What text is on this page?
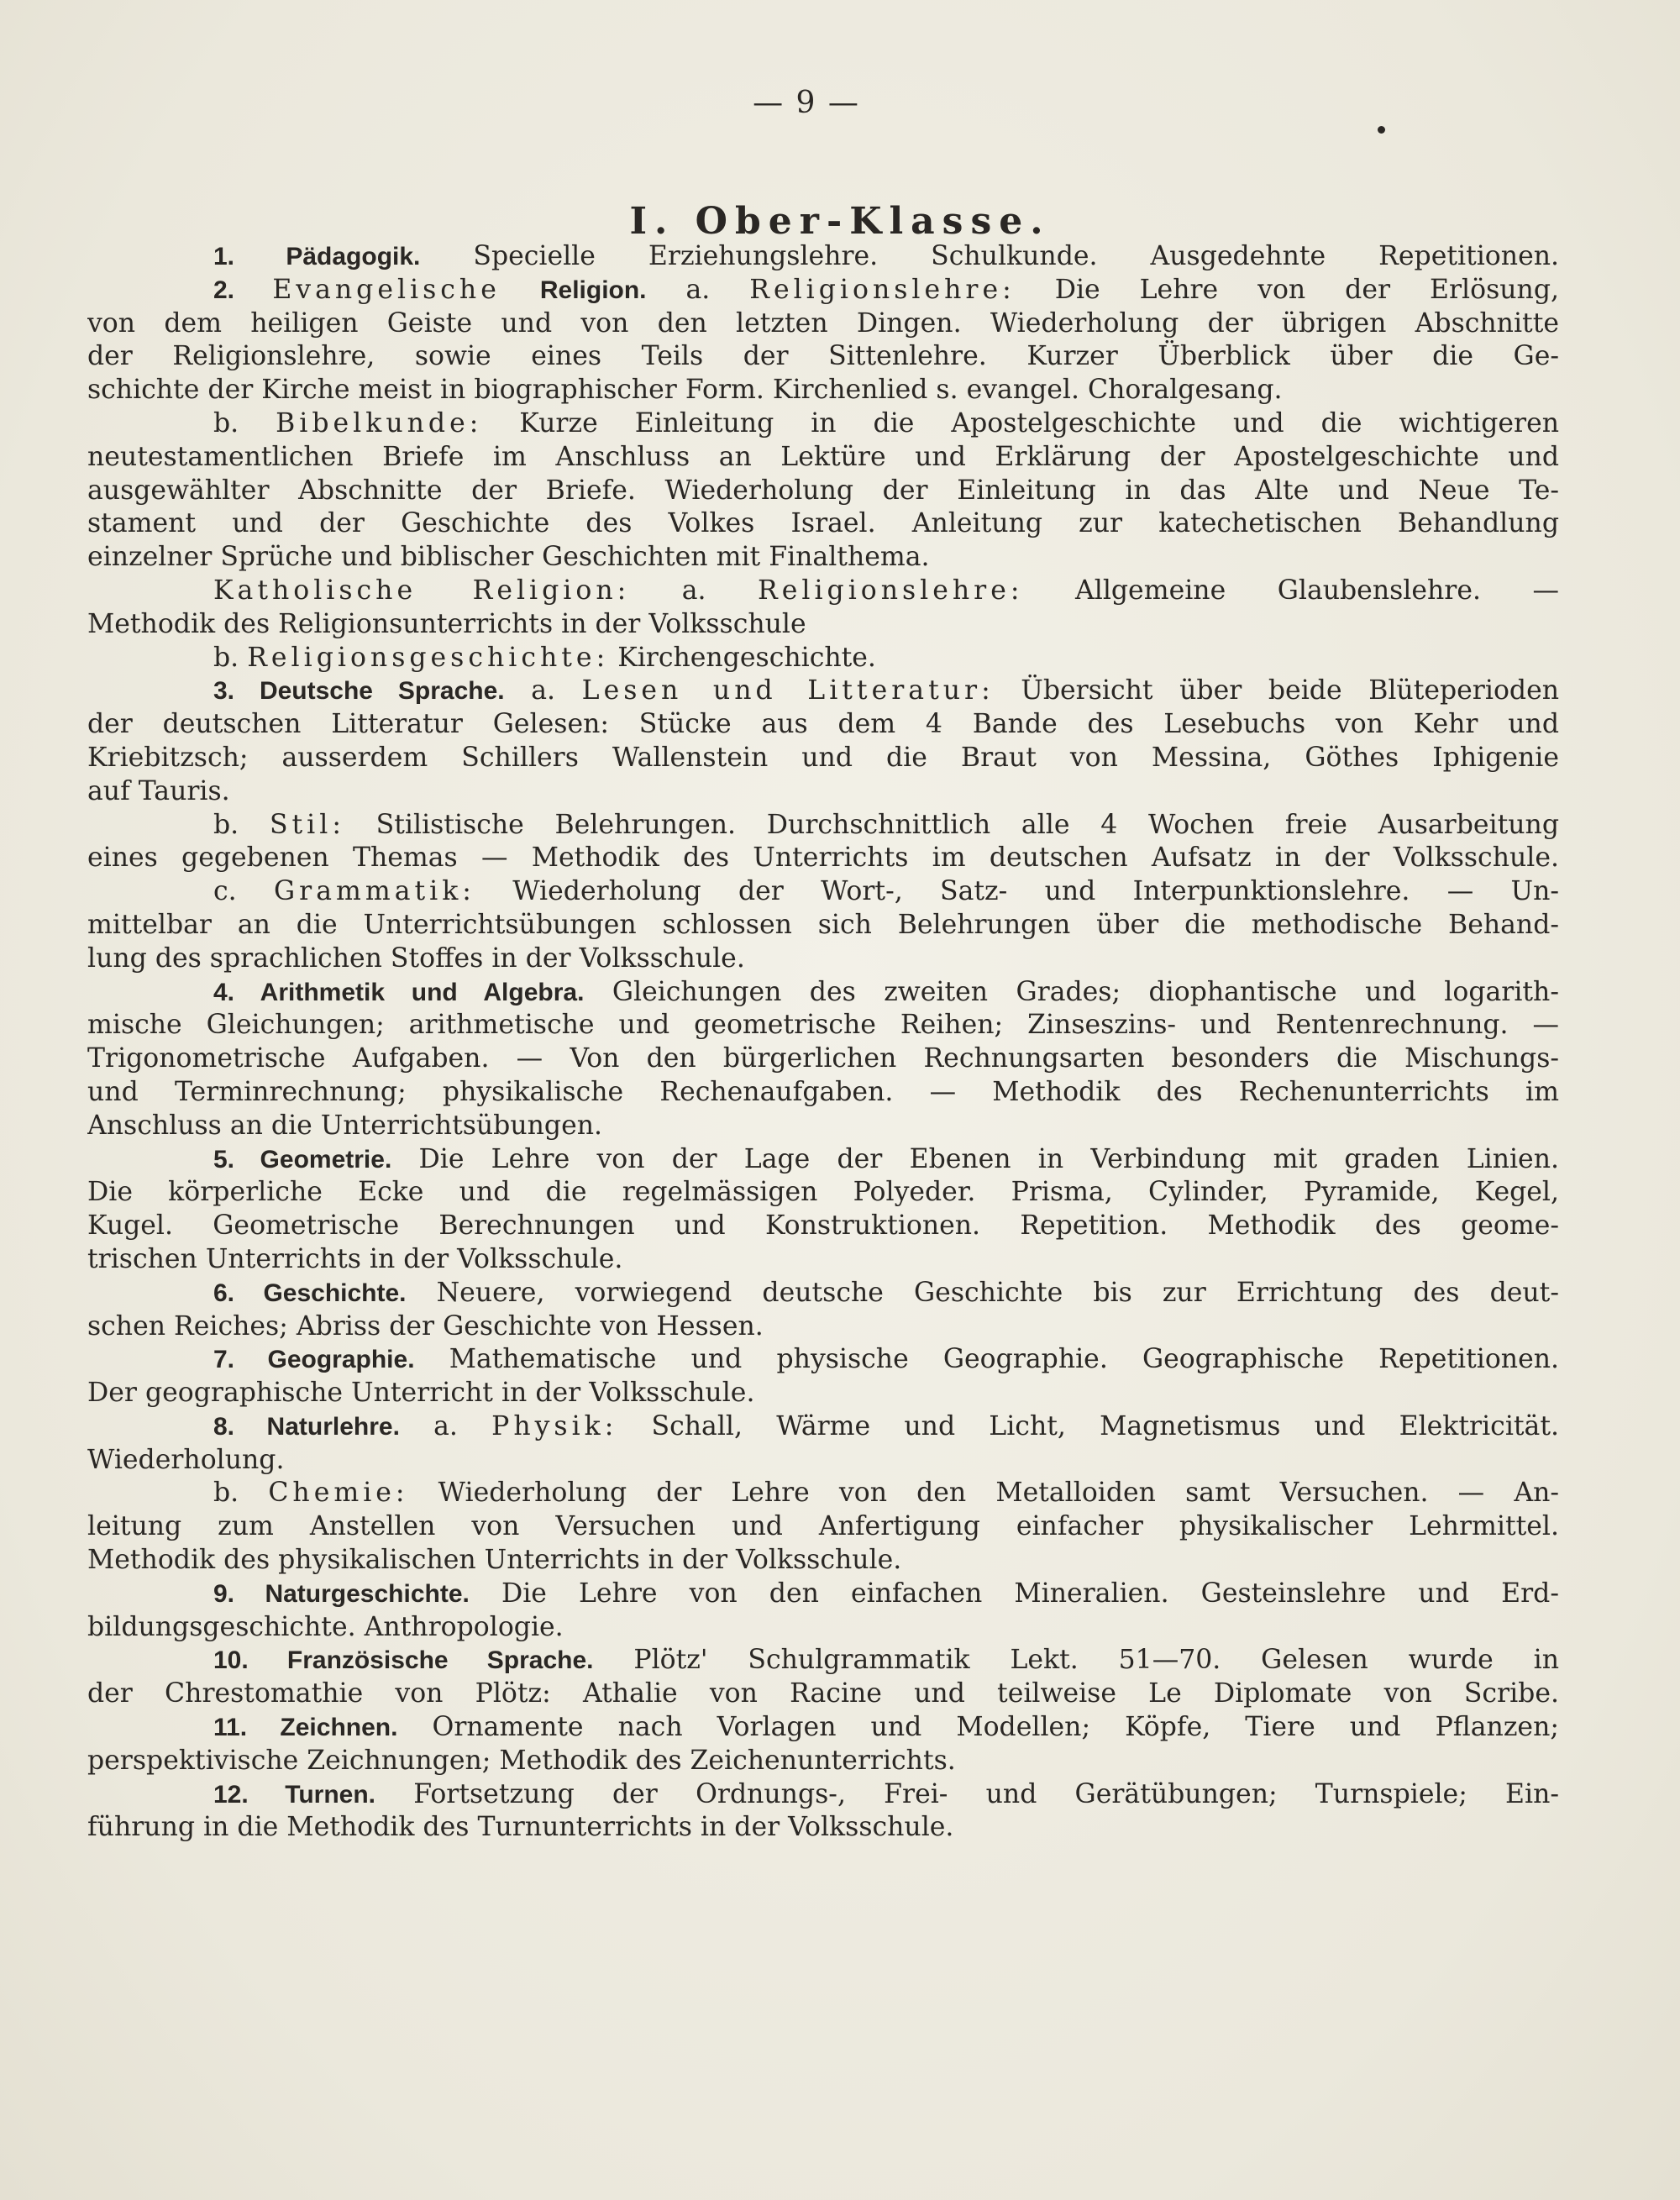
— 9 —
I. Ober-Klasse.
1. Pädagogik. Specielle Erziehungslehre. Schulkunde. Ausgedehnte Repetitionen.
2. Evangelische Religion. a. Religionslehre: Die Lehre von der Erlösung,
von dem heiligen Geiste und von den letzten Dingen. Wiederholung der übrigen Abschnitte
der Religionslehre, sowie eines Teils der Sittenlehre. Kurzer Überblick über die Ge-
schichte der Kirche meist in biographischer Form. Kirchenlied s. evangel. Choralgesang.
b. Bibelkunde: Kurze Einleitung in die Apostelgeschichte und die wichtigeren
neutestamentlichen Briefe im Anschluss an Lektüre und Erklärung der Apostelgeschichte und
ausgewählter Abschnitte der Briefe. Wiederholung der Einleitung in das Alte und Neue Te-
stament und der Geschichte des Volkes Israel. Anleitung zur katechetischen Behandlung
einzelner Sprüche und biblischer Geschichten mit Finalthema.
Katholische Religion: a. Religionslehre: Allgemeine Glaubenslehre. —
Methodik des Religionsunterrichts in der Volksschule
b. Religionsgeschichte: Kirchengeschichte.
3. Deutsche Sprache. a. Lesen und Litteratur: Übersicht über beide Blüteperioden
der deutschen Litteratur Gelesen: Stücke aus dem 4 Bande des Lesebuchs von Kehr und
Kriebitzsch; ausserdem Schillers Wallenstein und die Braut von Messina, Göthes Iphigenie
auf Tauris.
b. Stil: Stilistische Belehrungen. Durchschnittlich alle 4 Wochen freie Ausarbeitung
eines gegebenen Themas — Methodik des Unterrichts im deutschen Aufsatz in der Volksschule.
c. Grammatik: Wiederholung der Wort-, Satz- und Interpunktionslehre. — Un-
mittelbar an die Unterrichtsübungen schlossen sich Belehrungen über die methodische Behand-
lung des sprachlichen Stoffes in der Volksschule.
4. Arithmetik und Algebra. Gleichungen des zweiten Grades; diophantische und logarith-
mische Gleichungen; arithmetische und geometrische Reihen; Zinseszins- und Rentenrechnung. —
Trigonometrische Aufgaben. — Von den bürgerlichen Rechnungsarten besonders die Mischungs-
und Terminrechnung; physikalische Rechenaufgaben. — Methodik des Rechenunterrichts im
Anschluss an die Unterrichtsübungen.
5. Geometrie. Die Lehre von der Lage der Ebenen in Verbindung mit graden Linien.
Die körperliche Ecke und die regelmässigen Polyeder. Prisma, Cylinder, Pyramide, Kegel,
Kugel. Geometrische Berechnungen und Konstruktionen. Repetition. Methodik des geome-
trischen Unterrichts in der Volksschule.
6. Geschichte. Neuere, vorwiegend deutsche Geschichte bis zur Errichtung des deut-
schen Reiches; Abriss der Geschichte von Hessen.
7. Geographie. Mathematische und physische Geographie. Geographische Repetitionen.
Der geographische Unterricht in der Volksschule.
8. Naturlehre. a. Physik: Schall, Wärme und Licht, Magnetismus und Elektricität.
Wiederholung.
b. Chemie: Wiederholung der Lehre von den Metalloiden samt Versuchen. — An-
leitung zum Anstellen von Versuchen und Anfertigung einfacher physikalischer Lehrmittel.
Methodik des physikalischen Unterrichts in der Volksschule.
9. Naturgeschichte. Die Lehre von den einfachen Mineralien. Gesteinslehre und Erd-
bildungsgeschichte. Anthropologie.
10. Französische Sprache. Plötz' Schulgrammatik Lekt. 51—70. Gelesen wurde in
der Chrestomathie von Plötz: Athalie von Racine und teilweise Le Diplomate von Scribe.
11. Zeichnen. Ornamente nach Vorlagen und Modellen; Köpfe, Tiere und Pflanzen;
perspektivische Zeichnungen; Methodik des Zeichenunterrichts.
12. Turnen. Fortsetzung der Ordnungs-, Frei- und Gerätübungen; Turnspiele; Ein-
führung in die Methodik des Turnunterrichts in der Volksschule.
